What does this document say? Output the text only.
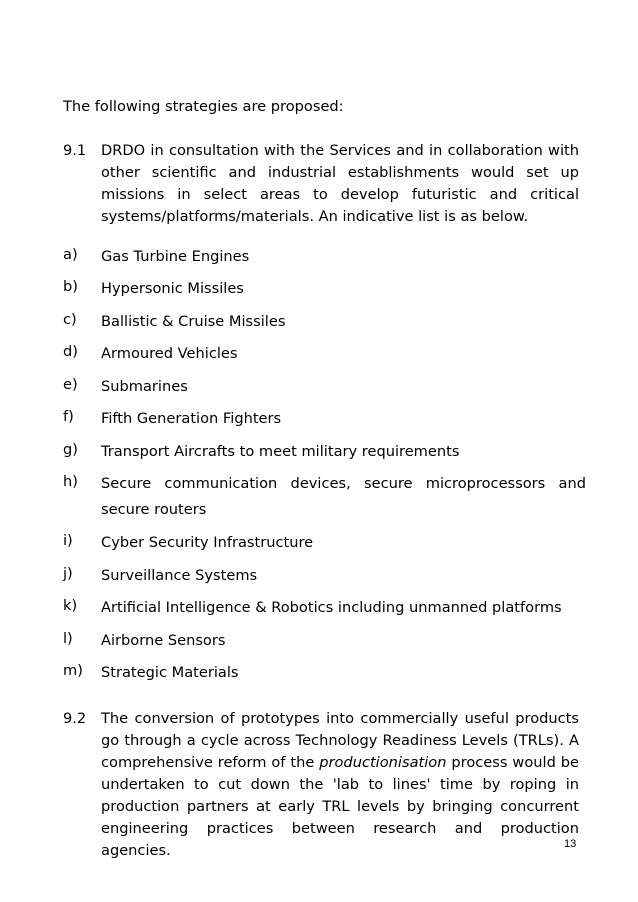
The following strategies are proposed:

9.1 DRDO in consultation with the Services and in collaboration with other scientific and industrial establishments would set up missions in select areas to develop futuristic and critical systems/platforms/materials. An indicative list is as below.
a) Gas Turbine Engines
b) Hypersonic Missiles
c) Ballistic & Cruise Missiles
d) Armoured Vehicles
e) Submarines
f) Fifth Generation Fighters
g) Transport Aircrafts to meet military requirements
h) Secure communication devices, secure microprocessors and secure routers
i) Cyber Security Infrastructure
j) Surveillance Systems
k) Artificial Intelligence & Robotics including unmanned platforms
l) Airborne Sensors
m) Strategic Materials
9.2 The conversion of prototypes into commercially useful products go through a cycle across Technology Readiness Levels (TRLs). A comprehensive reform of the productionisation process would be undertaken to cut down the 'lab to lines' time by roping in production partners at early TRL levels by bringing concurrent engineering practices between research and production agencies.	13
